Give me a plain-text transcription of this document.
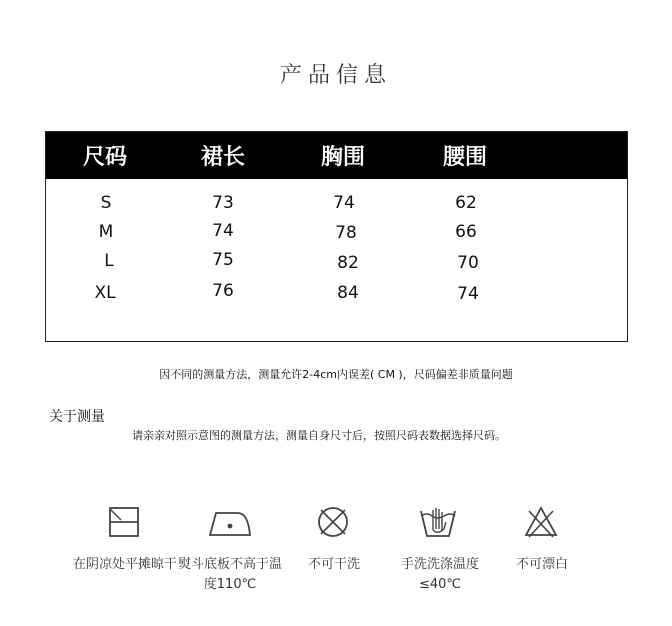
产品信息
尺码	裙长	胸围	腰围
S	73	74	62
M	74	78	66
L	75	82	70
XL	76	84	74
因不同的测量方法，测量允许2-4cm内误差( CM )，尺码偏差非质量问题
关于测量
请亲亲对照示意图的测量方法，测量自身尺寸后，按照尺码表数据选择尺码。
在阴凉处平摊晾干 熨斗底板不高于温度110℃
不可干洗	手洗洗涤温度≤40℃
不可漂白
